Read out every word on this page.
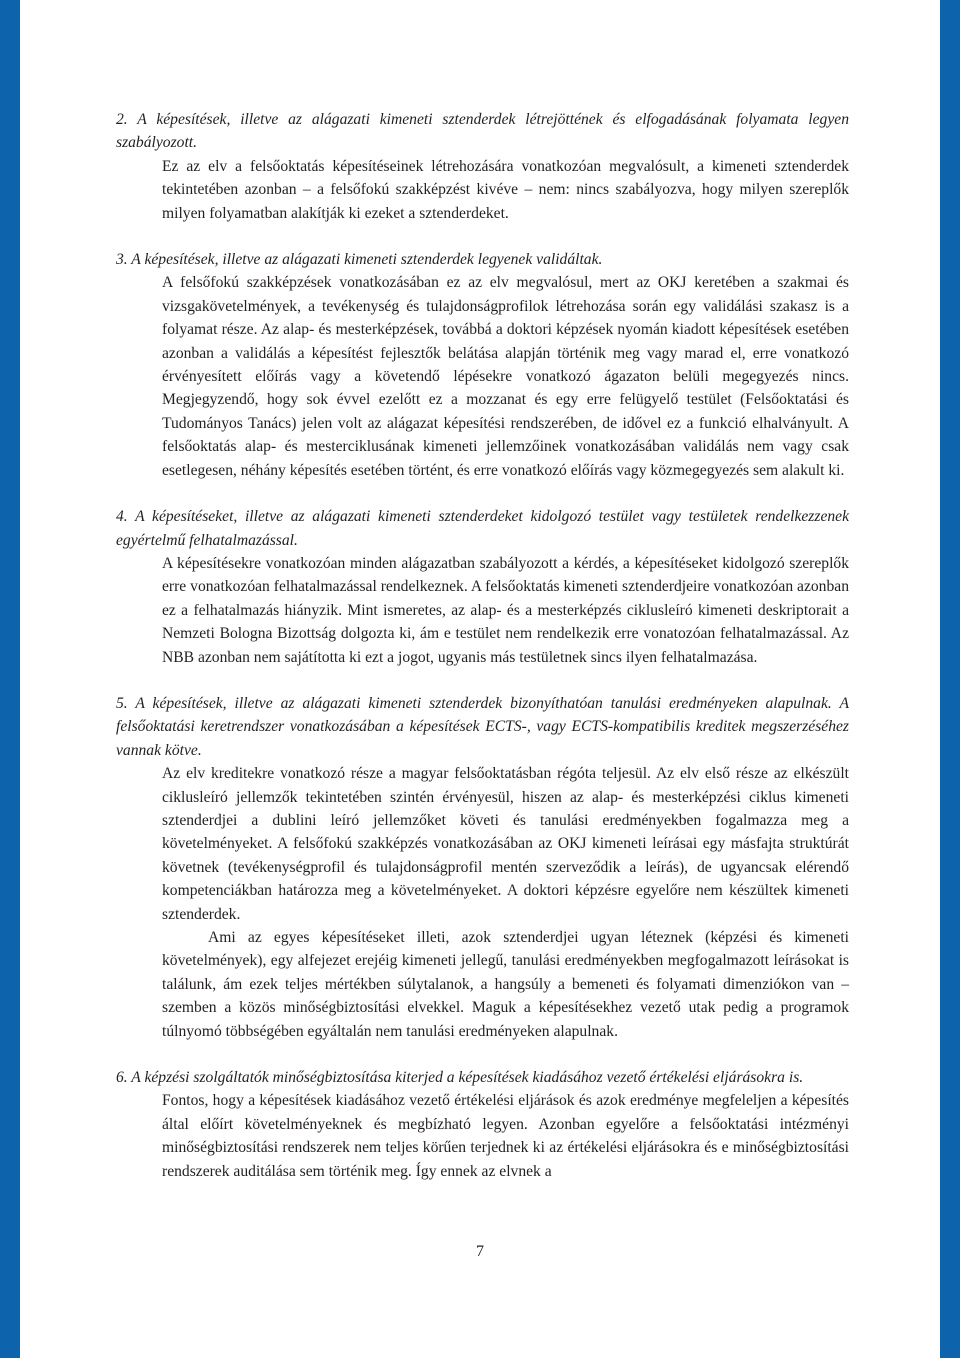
2. A képesítések, illetve az alágazati kimeneti sztenderdek létrejöttének és elfogadásának folyamata legyen szabályozott.
Ez az elv a felsőoktatás képesítéseinek létrehozására vonatkozóan megvalósult, a kimeneti sztenderdek tekintetében azonban – a felsőfokú szakképzést kivéve – nem: nincs szabályozva, hogy milyen szereplők milyen folyamatban alakítják ki ezeket a sztenderdeket.
3. A képesítések, illetve az alágazati kimeneti sztenderdek legyenek validáltak.
A felsőfokú szakképzések vonatkozásában ez az elv megvalósul, mert az OKJ keretében a szakmai és vizsgakövetelmények, a tevékenység és tulajdonságprofilok létrehozása során egy validálási szakasz is a folyamat része. Az alap- és mesterképzések, továbbá a doktori képzések nyomán kiadott képesítések esetében azonban a validálás a képesítést fejlesztők belátása alapján történik meg vagy marad el, erre vonatkozó érvényesített előírás vagy a követendő lépésekre vonatkozó ágazaton belüli megegyezés nincs. Megjegyzendő, hogy sok évvel ezelőtt ez a mozzanat és egy erre felügyelő testület (Felsőoktatási és Tudományos Tanács) jelen volt az alágazat képesítési rendszerében, de idővel ez a funkció elhalványult. A felsőoktatás alap- és mesterciklusának kimeneti jellemzőinek vonatkozásában validálás nem vagy csak esetlegesen, néhány képesítés esetében történt, és erre vonatkozó előírás vagy közmegegyezés sem alakult ki.
4. A képesítéseket, illetve az alágazati kimeneti sztenderdeket kidolgozó testület vagy testületek rendelkezzenek egyértelmű felhatalmazással.
A képesítésekre vonatkozóan minden alágazatban szabályozott a kérdés, a képesítéseket kidolgozó szereplők erre vonatkozóan felhatalmazással rendelkeznek. A felsőoktatás kimeneti sztenderdjeire vonatkozóan azonban ez a felhatalmazás hiányzik. Mint ismeretes, az alap- és a mesterképzés ciklusleíró kimeneti deskriptorait a Nemzeti Bologna Bizottság dolgozta ki, ám e testület nem rendelkezik erre vonatozóan felhatalmazással. Az NBB azonban nem sajátította ki ezt a jogot, ugyanis más testületnek sincs ilyen felhatalmazása.
5. A képesítések, illetve az alágazati kimeneti sztenderdek bizonyíthatóan tanulási eredményeken alapulnak. A felsőoktatási keretrendszer vonatkozásában a képesítések ECTS-, vagy ECTS-kompatibilis kreditek megszerzéséhez vannak kötve.
Az elv kreditekre vonatkozó része a magyar felsőoktatásban régóta teljesül. Az elv első része az elkészült ciklusleíró jellemzők tekintetében szintén érvényesül, hiszen az alap- és mesterképzési ciklus kimeneti sztenderdjei a dublini leíró jellemzőket követi és tanulási eredményekben fogalmazza meg a követelményeket. A felsőfokú szakképzés vonatkozásában az OKJ kimeneti leírásai egy másfajta struktúrát követnek (tevékenységprofil és tulajdonságprofil mentén szerveződik a leírás), de ugyancsak elérendő kompetenciákban határozza meg a követelményeket. A doktori képzésre egyelőre nem készültek kimeneti sztenderdek.
Ami az egyes képesítéseket illeti, azok sztenderdjei ugyan léteznek (képzési és kimeneti követelmények), egy alfejezet erejéig kimeneti jellegű, tanulási eredményekben megfogalmazott leírásokat is találunk, ám ezek teljes mértékben súlytalanok, a hangsúly a bemeneti és folyamati dimenziókon van – szemben a közös minőségbiztosítási elvekkel. Maguk a képesítésekhez vezető utak pedig a programok túlnyomó többségében egyáltalán nem tanulási eredményeken alapulnak.
6. A képzési szolgáltatók minőségbiztosítása kiterjed a képesítések kiadásához vezető értékelési eljárásokra is.
Fontos, hogy a képesítések kiadásához vezető értékelési eljárások és azok eredménye megfeleljen a képesítés által előírt követelményeknek és megbízható legyen. Azonban egyelőre a felsőoktatási intézményi minőségbiztosítási rendszerek nem teljes körűen terjednek ki az értékelési eljárásokra és e minőségbiztosítási rendszerek auditálása sem történik meg. Így ennek az elvnek a
7
